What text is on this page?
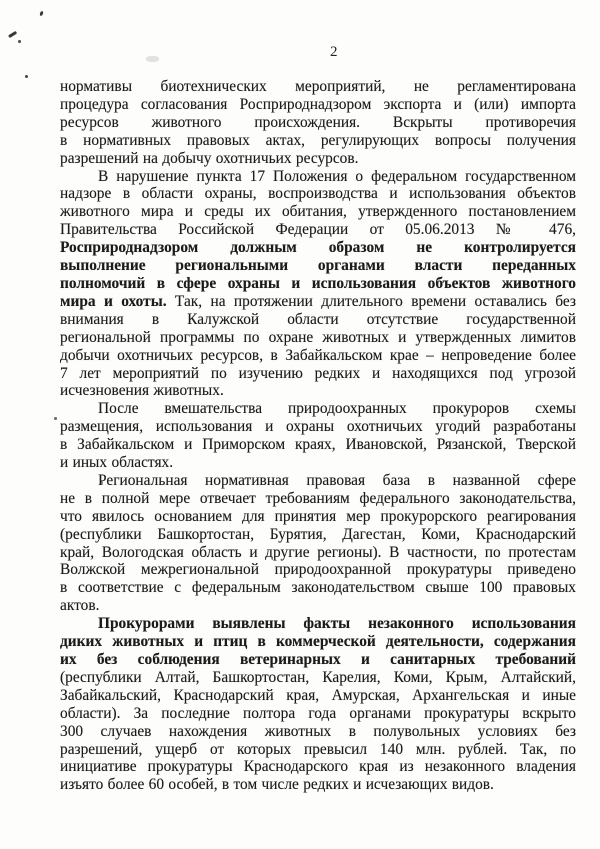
2
нормативы биотехнических мероприятий, не регламентирована
процедура согласования Росприроднадзором экспорта и (или) импорта
ресурсов животного происхождения. Вскрыты противоречия
в нормативных правовых актах, регулирующих вопросы получения
разрешений на добычу охотничьих ресурсов.
В нарушение пункта 17 Положения о федеральном государственном
надзоре в области охраны, воспроизводства и использования объектов
животного мира и среды их обитания, утвержденного постановлением
Правительства Российской Федерации от 05.06.2013 № 476,
Росприроднадзором должным образом не контролируется
выполнение региональными органами власти переданных
полномочий в сфере охраны и использования объектов животного
мира и охоты. Так, на протяжении длительного времени оставались без
внимания в Калужской области отсутствие государственной
региональной программы по охране животных и утвержденных лимитов
добычи охотничьих ресурсов, в Забайкальском крае – непроведение более
7 лет мероприятий по изучению редких и находящихся под угрозой
исчезновения животных.
После вмешательства природоохранных прокуроров схемы
размещения, использования и охраны охотничьих угодий разработаны
в Забайкальском и Приморском краях, Ивановской, Рязанской, Тверской
и иных областях.
Региональная нормативная правовая база в названной сфере
не в полной мере отвечает требованиям федерального законодательства,
что явилось основанием для принятия мер прокурорского реагирования
(республики Башкортостан, Бурятия, Дагестан, Коми, Краснодарский
край, Вологодская область и другие регионы). В частности, по протестам
Волжской межрегиональной природоохранной прокуратуры приведено
в соответствие с федеральным законодательством свыше 100 правовых
актов.
Прокурорами выявлены факты незаконного использования
диких животных и птиц в коммерческой деятельности, содержания
их без соблюдения ветеринарных и санитарных требований
(республики Алтай, Башкортостан, Карелия, Коми, Крым, Алтайский,
Забайкальский, Краснодарский края, Амурская, Архангельская и иные
области). За последние полтора года органами прокуратуры вскрыто
300 случаев нахождения животных в полувольных условиях без
разрешений, ущерб от которых превысил 140 млн. рублей. Так, по
инициативе прокуратуры Краснодарского края из незаконного владения
изъято более 60 особей, в том числе редких и исчезающих видов.
